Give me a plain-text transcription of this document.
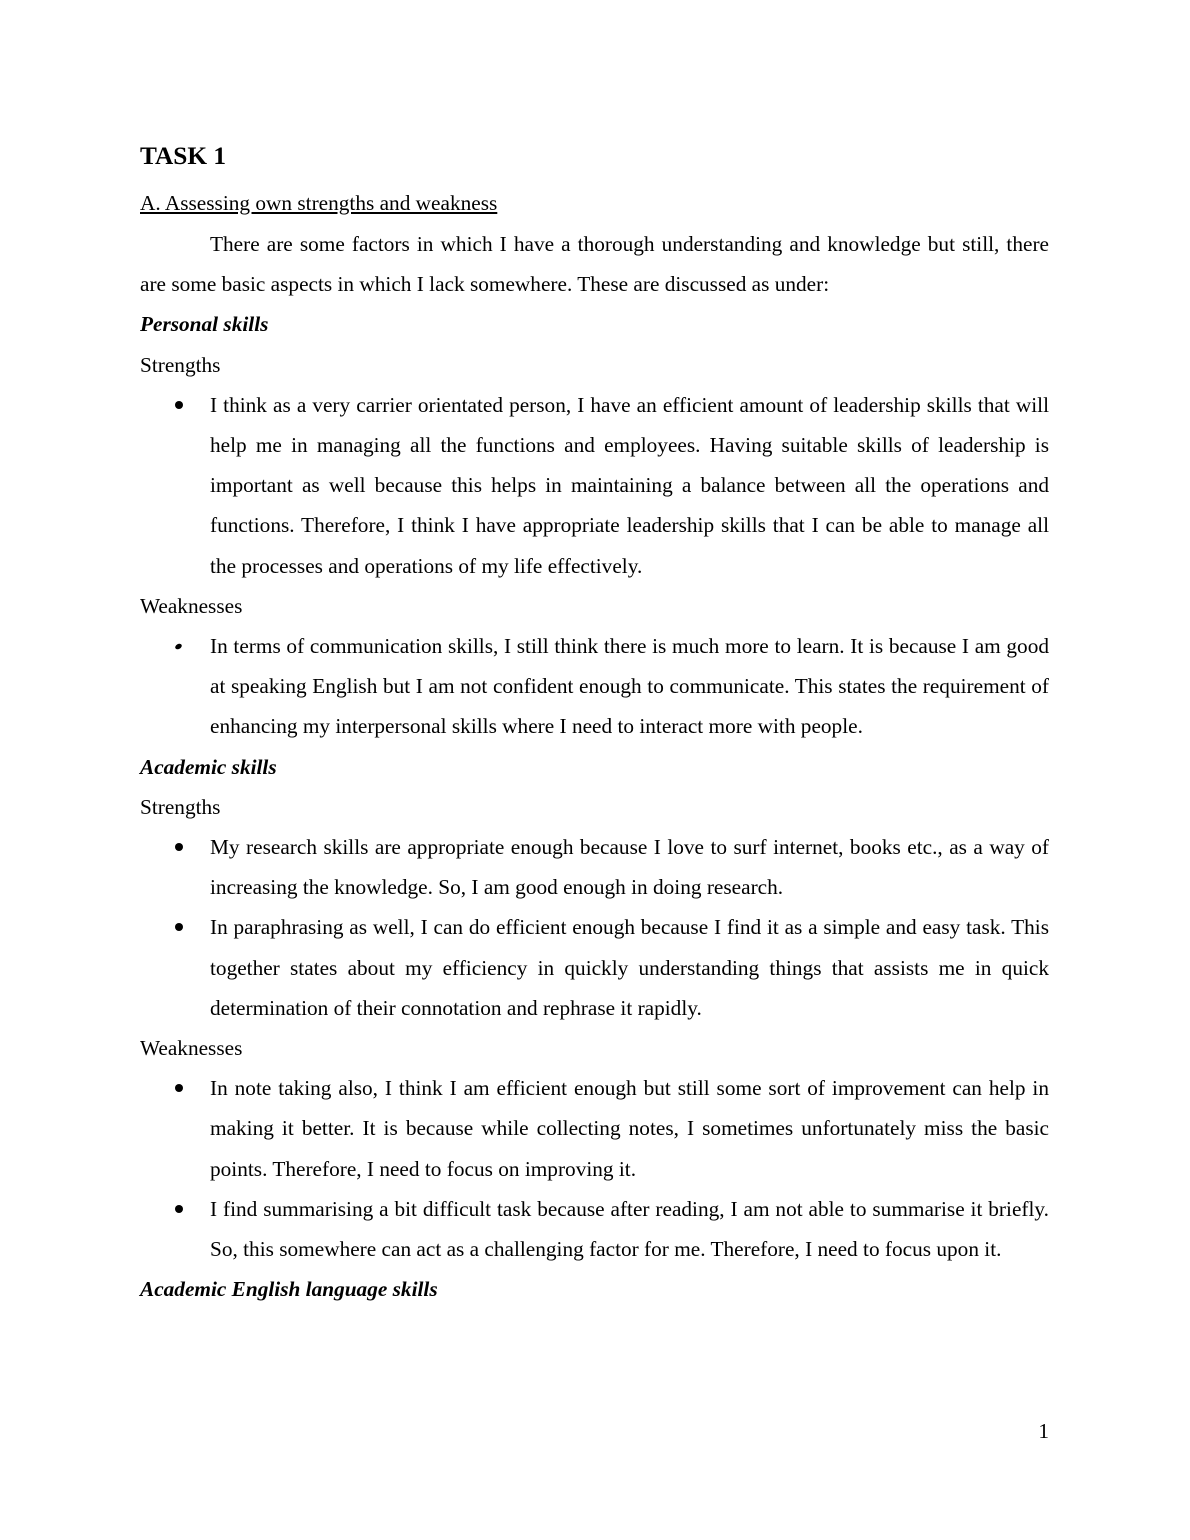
TASK 1
A. Assessing own strengths and weakness

There are some factors in which I have a thorough understanding and knowledge but still, there are some basic aspects in which I lack somewhere. These are discussed as under:

Personal skills
Strengths
I think as a very carrier orientated person, I have an efficient amount of leadership skills that will help me in managing all the functions and employees. Having suitable skills of leadership is important as well because this helps in maintaining a balance between all the operations and functions. Therefore, I think I have appropriate leadership skills that I can be able to manage all the processes and operations of my life effectively.
Weaknesses
In terms of communication skills, I still think there is much more to learn. It is because I am good at speaking English but I am not confident enough to communicate. This states the requirement of enhancing my interpersonal skills where I need to interact more with people.
Academic skills
Strengths
My research skills are appropriate enough because I love to surf internet, books etc., as a way of increasing the knowledge. So, I am good enough in doing research.
In paraphrasing as well, I can do efficient enough because I find it as a simple and easy task. This together states about my efficiency in quickly understanding things that assists me in quick determination of their connotation and rephrase it rapidly.
Weaknesses
In note taking also, I think I am efficient enough but still some sort of improvement can help in making it better. It is because while collecting notes, I sometimes unfortunately miss the basic points. Therefore, I need to focus on improving it.
I find summarising a bit difficult task because after reading, I am not able to summarise it briefly. So, this somewhere can act as a challenging factor for me. Therefore, I need to focus upon it.
Academic English language skills
1
